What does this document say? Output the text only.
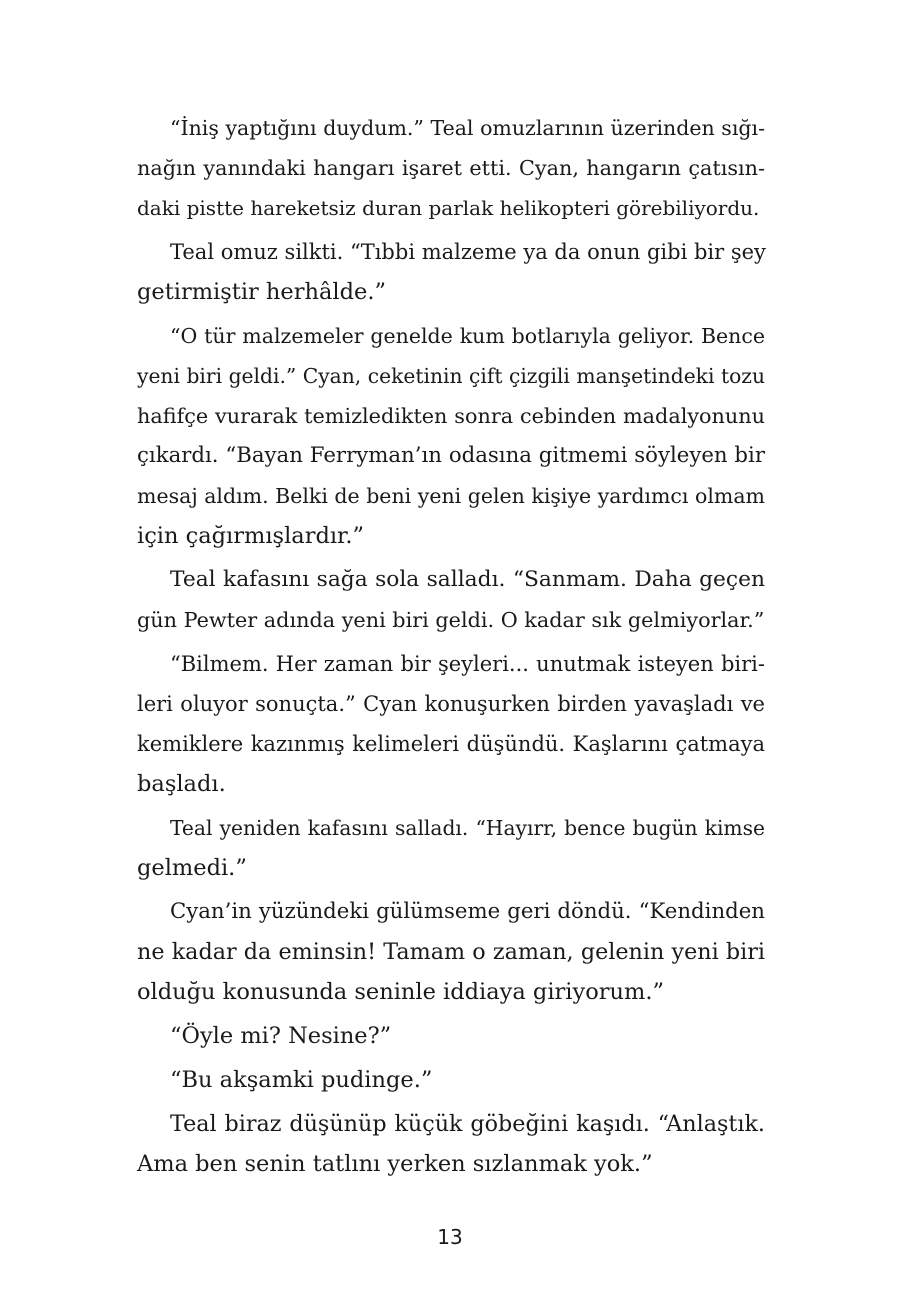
“İniş yaptığını duydum.” Teal omuzlarının üzerinden sığı-
nağın yanındaki hangarı işaret etti. Cyan, hangarın çatısın-
daki pistte hareketsiz duran parlak helikopteri görebiliyordu.
Teal omuz silkti. “Tıbbi malzeme ya da onun gibi bir şey
getirmiştir herhâlde.”
“O tür malzemeler genelde kum botlarıyla geliyor. Bence
yeni biri geldi.” Cyan, ceketinin çift çizgili manşetindeki tozu
hafifçe vurarak temizledikten sonra cebinden madalyonunu
çıkardı. “Bayan Ferryman’ın odasına gitmemi söyleyen bir
mesaj aldım. Belki de beni yeni gelen kişiye yardımcı olmam
için çağırmışlardır.”
Teal kafasını sağa sola salladı. “Sanmam. Daha geçen
gün Pewter adında yeni biri geldi. O kadar sık gelmiyorlar.”
“Bilmem. Her zaman bir şeyleri... unutmak isteyen biri-
leri oluyor sonuçta.” Cyan konuşurken birden yavaşladı ve
kemiklere kazınmış kelimeleri düşündü. Kaşlarını çatmaya
başladı.
Teal yeniden kafasını salladı. “Hayırr, bence bugün kimse
gelmedi.”
Cyan’in yüzündeki gülümseme geri döndü. “Kendinden
ne kadar da eminsin! Tamam o zaman, gelenin yeni biri
olduğu konusunda seninle iddiaya giriyorum.”
“Öyle mi? Nesine?”
“Bu akşamki pudinge.”
Teal biraz düşünüp küçük göbeğini kaşıdı. “Anlaştık.
Ama ben senin tatlını yerken sızlanmak yok.”
13
